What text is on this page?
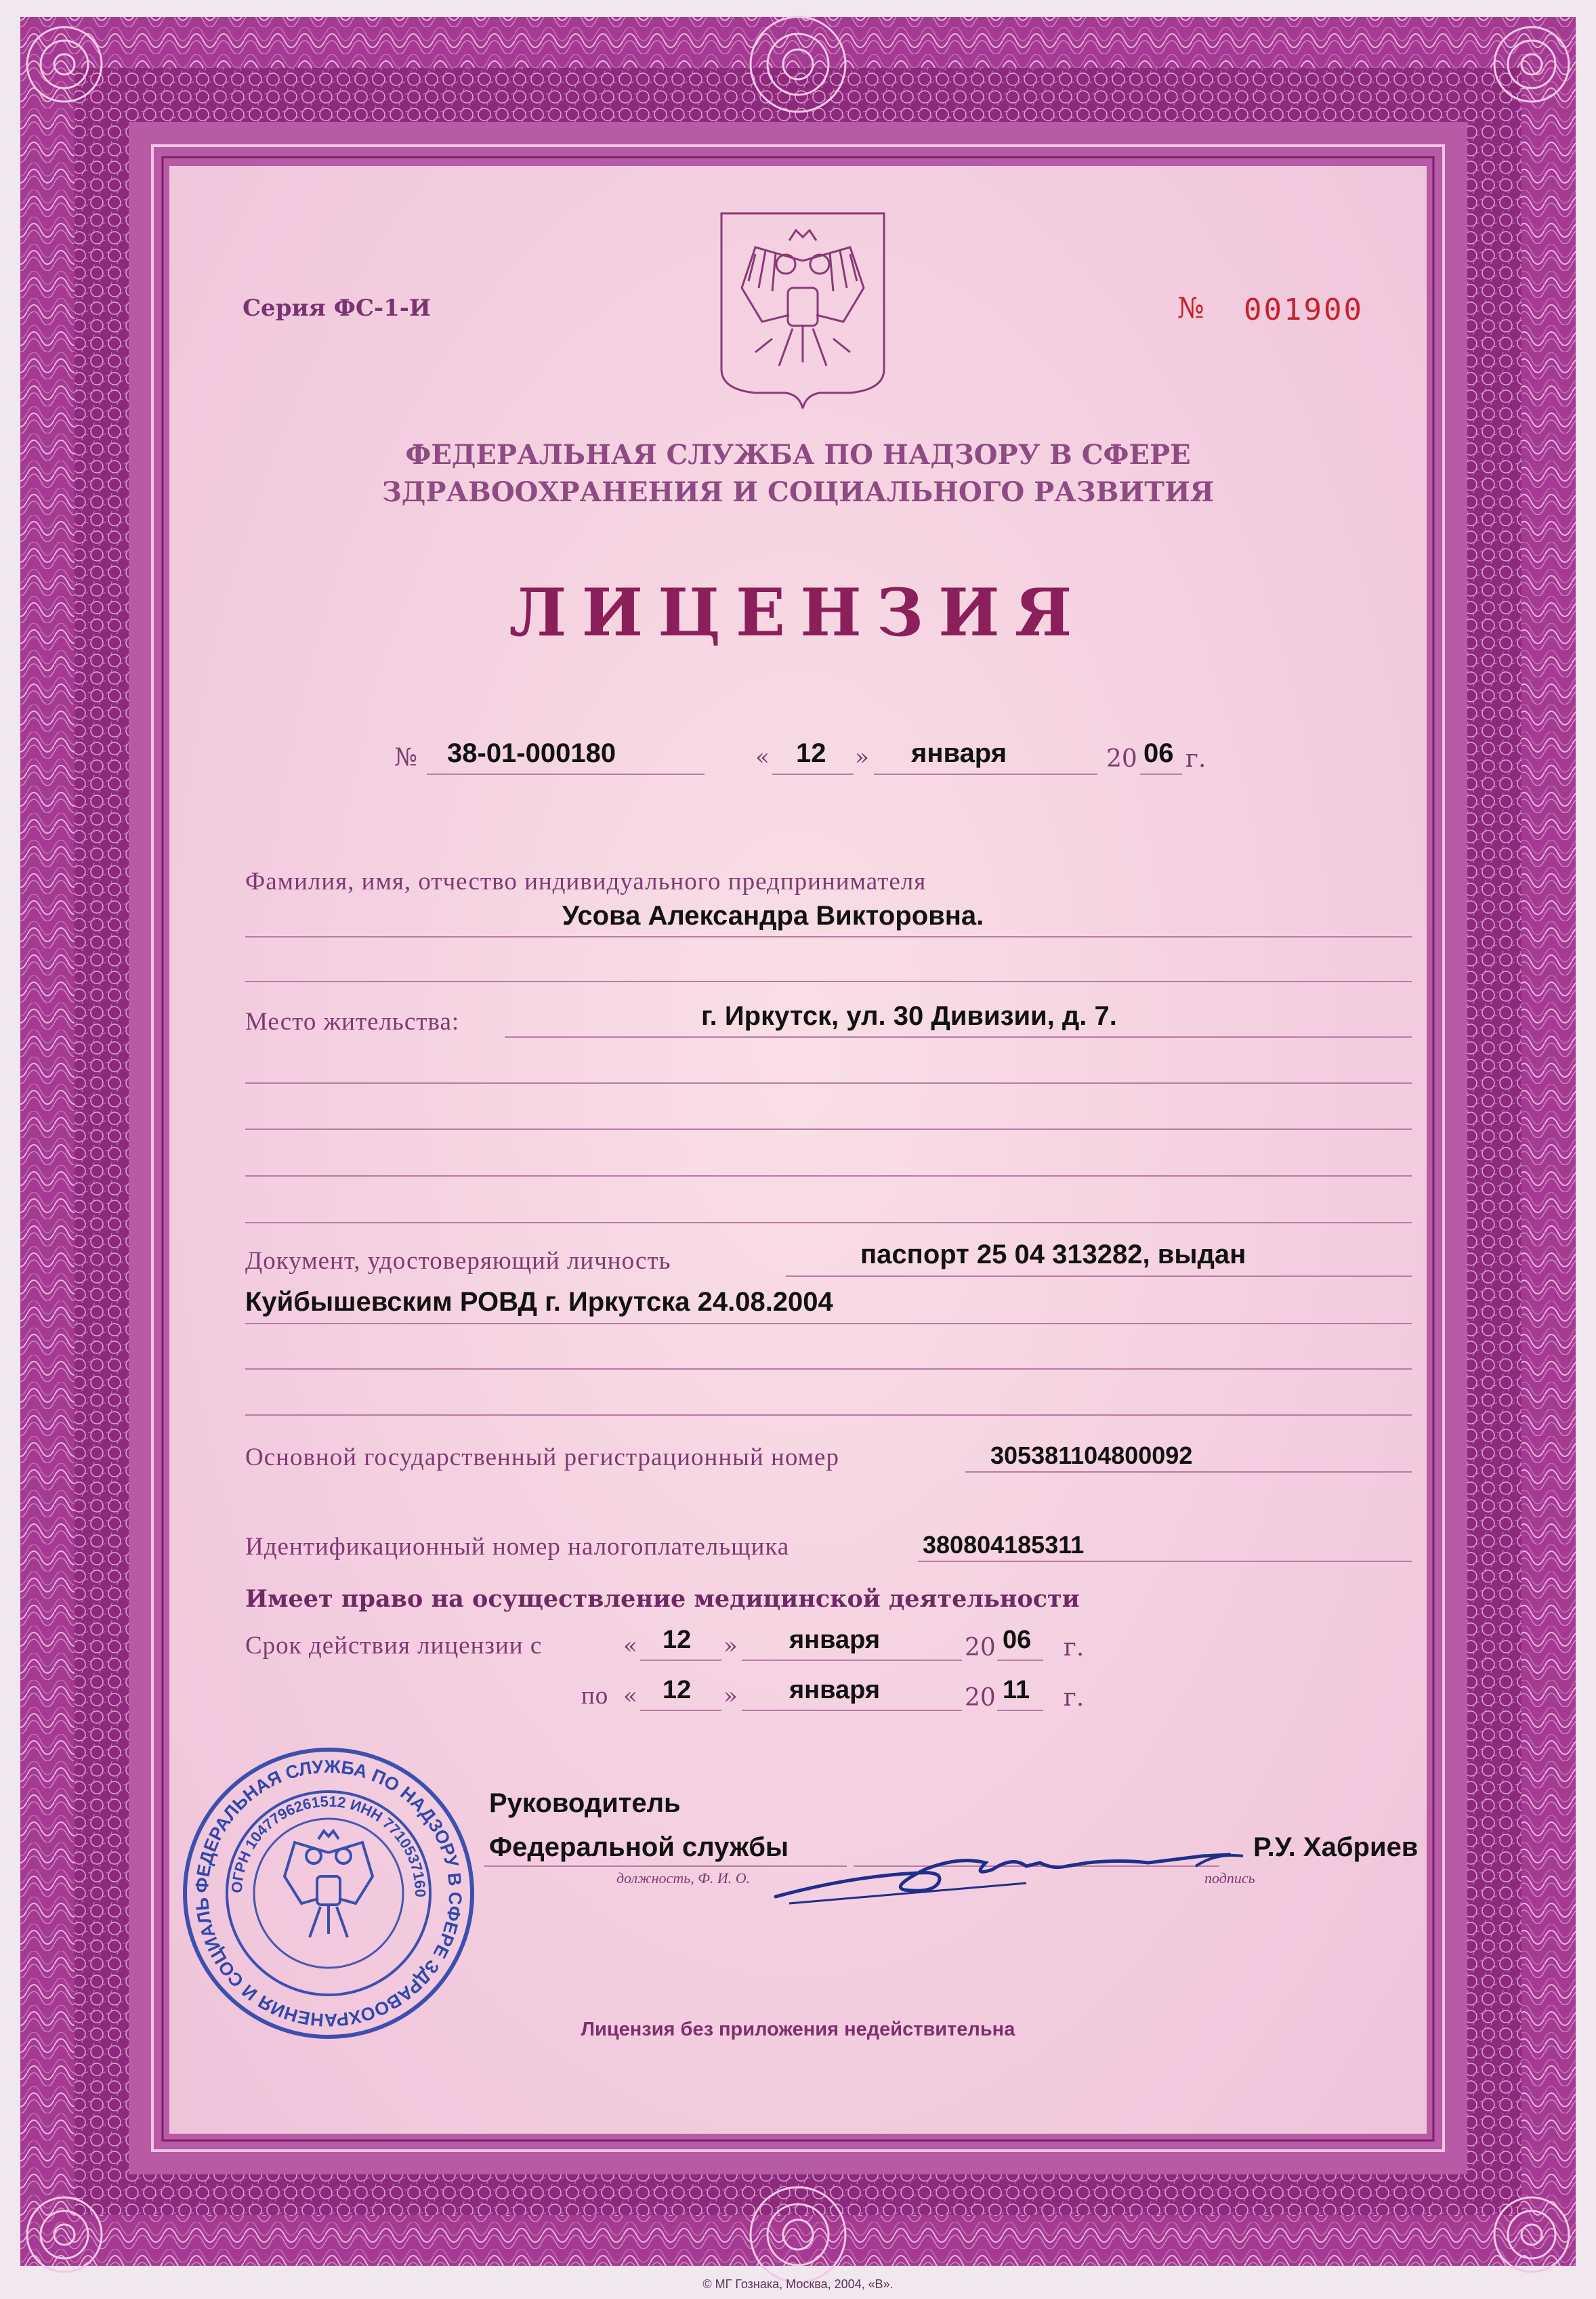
Серия ФС-1-И	№ 001900
ФЕДЕРАЛЬНАЯ СЛУЖБА ПО НАДЗОРУ В СФЕРЕ
ЗДРАВООХРАНЕНИЯ И СОЦИАЛЬНОГО РАЗВИТИЯ
ЛИЦЕНЗИЯ
№ 38-01-000180	« 12 » января	20 06 г.
Фамилия, имя, отчество индивидуального предпринимателя
Усова Александра Викторовна.
Место жительства:	г. Иркутск, ул. 30 Дивизии, д. 7.
Документ, удостоверяющий личность	паспорт 25 04 313282, выдан
Куйбышевским РОВД г. Иркутска 24.08.2004
Основной государственный регистрационный номер	305381104800092
Идентификационный номер налогоплательщика	380804185311
Имеет право на осуществление медицинской деятельности
Срок действия лицензии с	« 12 » января	20 06 г.
по « 12 » января	20 11 г.
Руководитель
Федеральной службы
должность, Ф. И. О.	подпись
Р.У. Хабриев
ФЕДЕРАЛЬНАЯ СЛУЖБА ПО НАДЗОРУ В СФЕРЕ ЗДРАВООХРАНЕНИЯ И СОЦИАЛЬ
ОГРН 1047796261512 ИНН 7710537160
Лицензия без приложения недействительна
© МГ Гознака, Москва, 2004, «В».
